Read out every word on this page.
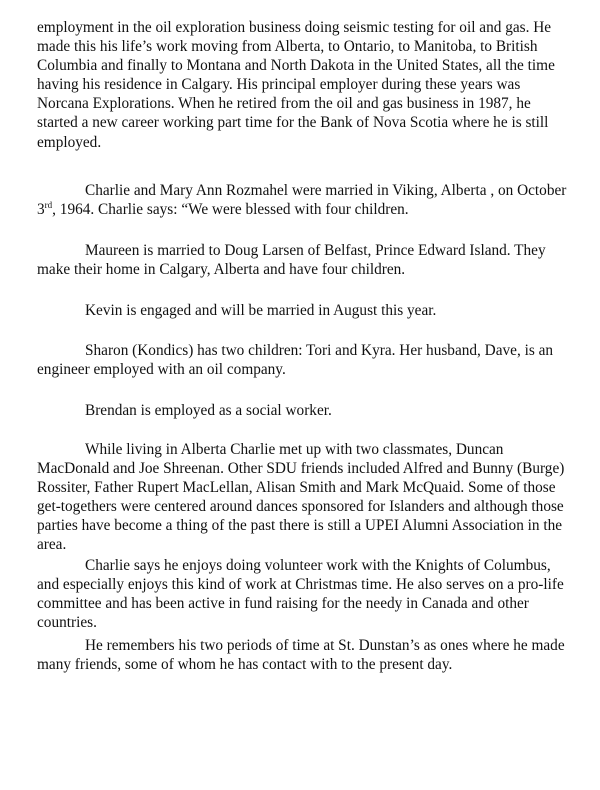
employment in the oil exploration business doing seismic testing for oil and gas. He made this his life’s work moving from Alberta, to Ontario, to Manitoba, to British Columbia and finally to Montana and North Dakota in the United States, all the time having his residence in Calgary. His principal employer during these years was Norcana Explorations. When he retired from the oil and gas business in 1987, he started a new career working part time for the Bank of Nova Scotia where he is still employed.

Charlie and Mary Ann Rozmahel were married in Viking, Alberta , on October 3rd, 1964. Charlie says: “We were blessed with four children.

Maureen is married to Doug Larsen of Belfast, Prince Edward Island. They make their home in Calgary, Alberta and have four children.

Kevin is engaged and will be married in August this year.

Sharon (Kondics) has two children: Tori and Kyra. Her husband, Dave, is an engineer employed with an oil company.

Brendan is employed as a social worker.

While living in Alberta Charlie met up with two classmates, Duncan MacDonald and Joe Shreenan. Other SDU friends included Alfred and Bunny (Burge) Rossiter, Father Rupert MacLellan, Alisan Smith and Mark McQuaid. Some of those get-togethers were centered around dances sponsored for Islanders and although those parties have become a thing of the past there is still a UPEI Alumni Association in the area.

Charlie says he enjoys doing volunteer work with the Knights of Columbus, and especially enjoys this kind of work at Christmas time. He also serves on a pro-life committee and has been active in fund raising for the needy in Canada and other countries.

He remembers his two periods of time at St. Dunstan’s as ones where he made many friends, some of whom he has contact with to the present day.
